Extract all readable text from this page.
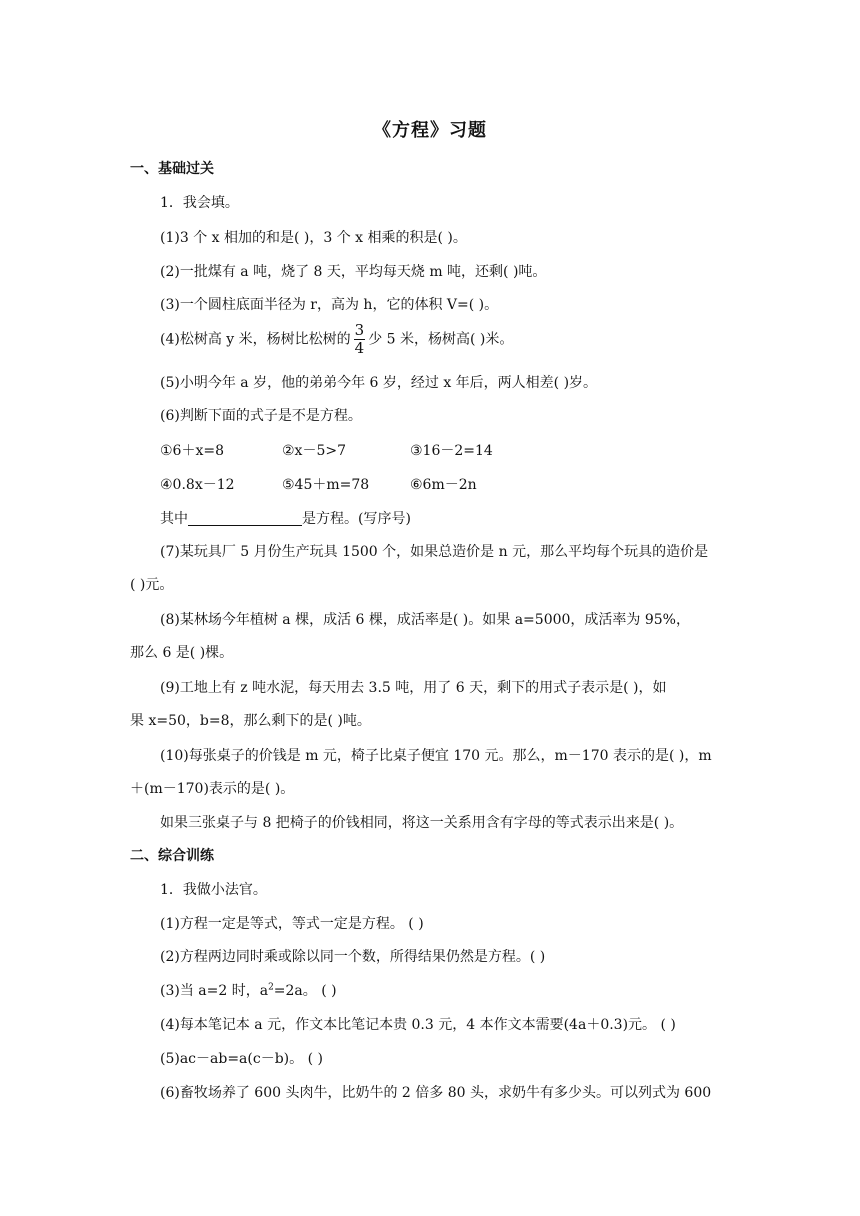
《方程》习题
一、基础过关
1．我会填。
(1)3 个 x 相加的和是( )，3 个 x 相乘的积是( )。
(2)一批煤有 a 吨，烧了 8 天，平均每天烧 m 吨，还剩( )吨。
(3)一个圆柱底面半径为 r，高为 h，它的体积 V=( )。
(4)松树高 y 米，杨树比松树的 $\frac{3}{4}$ 少 5 米，杨树高( )米。
(5)小明今年 a 岁，他的弟弟今年 6 岁，经过 x 年后，两人相差( )岁。
(6)判断下面的式子是不是方程。
①6＋x=8	②x－5>7	③16－2=14
④0.8x－12	⑤45＋m=78	⑥6m－2n
其中	是方程。(写序号)
(7)某玩具厂 5 月份生产玩具 1500 个，如果总造价是 n 元，那么平均每个玩具的造价是
( )元。
(8)某林场今年植树 a 棵，成活 6 棵，成活率是( )。如果 a=5000，成活率为 95%，
那么 6 是( )棵。
(9)工地上有 z 吨水泥，每天用去 3.5 吨，用了 6 天，剩下的用式子表示是( )，如
果 x=50，b=8，那么剩下的是( )吨。
(10)每张桌子的价钱是 m 元，椅子比桌子便宜 170 元。那么，m－170 表示的是( )，m
＋(m－170)表示的是( )。
如果三张桌子与 8 把椅子的价钱相同，将这一关系用含有字母的等式表示出来是( )。
二、综合训练
1．我做小法官。
(1)方程一定是等式，等式一定是方程。 ( )
(2)方程两边同时乘或除以同一个数，所得结果仍然是方程。( )
(3)当 a=2 时，$a^2=2a$。 ( )
(4)每本笔记本 a 元，作文本比笔记本贵 0.3 元，4 本作文本需要(4a＋0.3)元。 ( )
(5)ac－ab=a(c－b)。 ( )
(6)畜牧场养了 600 头肉牛，比奶牛的 2 倍多 80 头，求奶牛有多少头。可以列式为 600
